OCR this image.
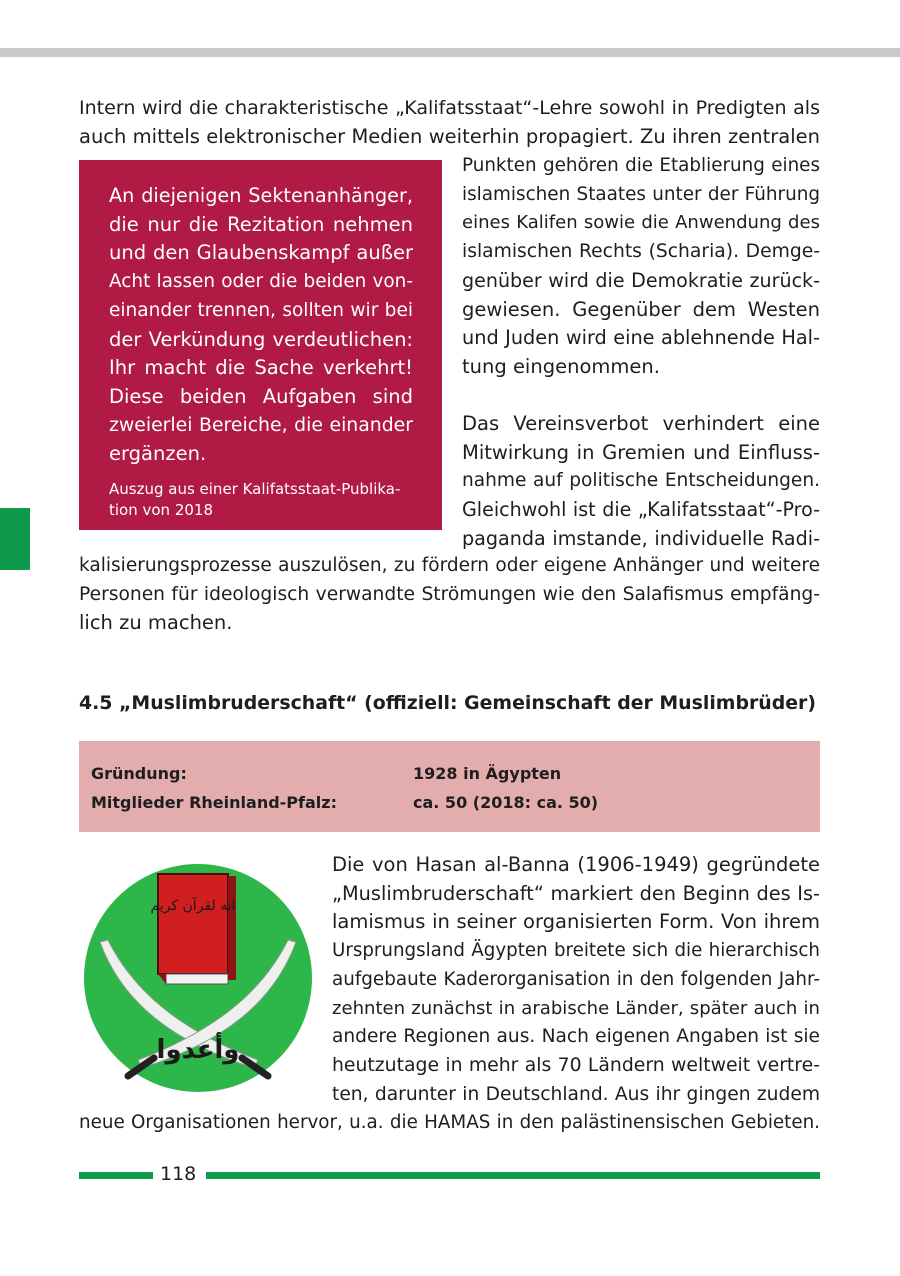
Intern wird die charakteristische „Kalifatsstaat“-Lehre sowohl in Predigten als
auch mittels elektronischer Medien weiterhin propagiert. Zu ihren zentralen
An diejenigen Sektenanhänger,
die nur die Rezitation nehmen
und den Glaubenskampf außer
Acht lassen oder die beiden von-
einander trennen, sollten wir bei
der Verkündung verdeutlichen:
Ihr macht die Sache verkehrt!
Diese beiden Aufgaben sind
zweierlei Bereiche, die einander
ergänzen.
Auszug aus einer Kalifatsstaat-Publika-
tion von 2018
Punkten gehören die Etablierung eines
islamischen Staates unter der Führung
eines Kalifen sowie die Anwendung des
islamischen Rechts (Scharia). Demge-
genüber wird die Demokratie zurück-
gewiesen. Gegenüber dem Westen
und Juden wird eine ablehnende Hal-
tung eingenommen.
Das Vereinsverbot verhindert eine
Mitwirkung in Gremien und Einfluss-
nahme auf politische Entscheidungen.
Gleichwohl ist die „Kalifatsstaat“-Pro-
paganda imstande, individuelle Radi-
kalisierungsprozesse auszulösen, zu fördern oder eigene Anhänger und weitere
Personen für ideologisch verwandte Strömungen wie den Salafismus empfäng-
lich zu machen.
4.5 „Muslimbruderschaft“ (offiziell: Gemeinschaft der Muslimbrüder)
Gründung:	1928 in Ägypten
Mitglieder Rheinland-Pfalz:	ca. 50 (2018: ca. 50)
انه لقرآن كريم
وأعدوا
Die von Hasan al-Banna (1906-1949) gegründete
„Muslimbruderschaft“ markiert den Beginn des Is-
lamismus in seiner organisierten Form. Von ihrem
Ursprungsland Ägypten breitete sich die hierarchisch
aufgebaute Kaderorganisation in den folgenden Jahr-
zehnten zunächst in arabische Länder, später auch in
andere Regionen aus. Nach eigenen Angaben ist sie
heutzutage in mehr als 70 Ländern weltweit vertre-
ten, darunter in Deutschland. Aus ihr gingen zudem
neue Organisationen hervor, u.a. die HAMAS in den palästinensischen Gebieten.
118
